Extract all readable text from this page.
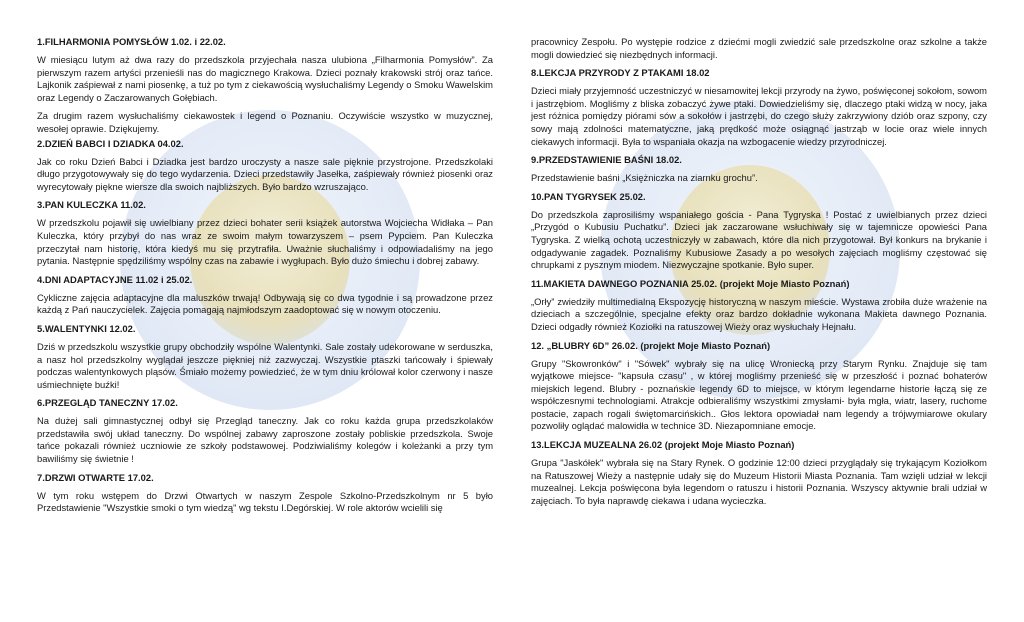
1.FILHARMONIA POMYSŁÓW 1.02. i 22.02.

W miesiącu lutym aż dwa razy do przedszkola przyjechała nasza ulubiona „Filharmonia Pomysłów”. Za pierwszym razem artyści przenieśli nas do magicznego Krakowa. Dzieci poznały krakowski strój oraz tańce. Lajkonik zaśpiewał z nami piosenkę, a tuż po tym z ciekawością wysłuchaliśmy Legendy o Smoku Wawelskim oraz Legendy o Zaczarowanych Gołębiach.

Za drugim razem wysłuchaliśmy ciekawostek i legend o Poznaniu. Oczywiście wszystko w muzycznej, wesołej oprawie. Dziękujemy.

2.DZIEŃ BABCI I DZIADKA 04.02.

Jak co roku Dzień Babci i Dziadka jest bardzo uroczysty a nasze sale pięknie przystrojone. Przedszkolaki długo przygotowywały się do tego wydarzenia. Dzieci przedstawiły Jasełka, zaśpiewały również piosenki oraz wyrecytowały piękne wiersze dla swoich najbliższych. Było bardzo wzruszająco.

3.PAN KULECZKA 11.02.

W przedszkolu pojawił się uwielbiany przez dzieci bohater serii książek autorstwa Wojciecha Widłaka – Pan Kuleczka, który przybył do nas wraz ze swoim małym towarzyszem – psem Pypciem. Pan Kuleczka przeczytał nam historię, która kiedyś mu się przytrafiła. Uważnie słuchaliśmy i odpowiadaliśmy na jego pytania. Następnie spędziliśmy wspólny czas na zabawie i wygłupach. Było dużo śmiechu i dobrej zabawy.

4.DNI ADAPTACYJNE 11.02 i 25.02.

Cykliczne zajęcia adaptacyjne dla maluszków trwają! Odbywają się co dwa tygodnie i są prowadzone przez każdą z Pań nauczycielek. Zajęcia pomagają najmłodszym zaadoptować się w nowym otoczeniu.

5.WALENTYNKI 12.02.

Dziś w przedszkolu wszystkie grupy obchodziły wspólne Walentynki. Sale zostały udekorowane w serduszka, a nasz hol przedszkolny wyglądał jeszcze piękniej niż zazwyczaj. Wszystkie ptaszki tańcowały i śpiewały podczas walentynkowych pląsów. Śmiało możemy powiedzieć, że w tym dniu królował kolor czerwony i nasze uśmiechnięte buźki!

6.PRZEGLĄD TANECZNY 17.02.

Na dużej sali gimnastycznej odbył się Przegląd taneczny. Jak co roku każda grupa przedszkolaków przedstawiła swój układ taneczny. Do wspólnej zabawy zaproszone zostały pobliskie przedszkola. Swoje tańce pokazali również uczniowie ze szkoły podstawowej. Podziwialiśmy kolegów i koleżanki a przy tym bawiliśmy się świetnie !

7.DRZWI OTWARTE 17.02.

W tym roku wstępem do Drzwi Otwartych w naszym Zespole Szkolno-Przedszkolnym nr 5 było Przedstawienie "Wszystkie smoki o tym wiedzą" wg tekstu I.Degórskiej. W role aktorów wcielili się

pracownicy Zespołu. Po występie rodzice z dziećmi mogli zwiedzić sale przedszkolne oraz szkolne a także mogli dowiedzieć się niezbędnych informacji.

8.LEKCJA PRZYRODY Z PTAKAMI 18.02

Dzieci miały przyjemność uczestniczyć w niesamowitej lekcji przyrody na żywo, poświęconej sokołom, sowom i jastrzębiom. Mogliśmy z bliska zobaczyć żywe ptaki. Dowiedzieliśmy się, dlaczego ptaki widzą w nocy, jaka jest różnica pomiędzy piórami sów a sokołów i jastrzębi, do czego służy zakrzywiony dziób oraz szpony, czy sowy mają zdolności matematyczne, jaką prędkość może osiągnąć jastrząb w locie oraz wiele innych ciekawych informacji. Była to wspaniała okazja na wzbogacenie wiedzy przyrodniczej.

9.PRZEDSTAWIENIE BAŚNI 18.02.

Przedstawienie baśni „Księżniczka na ziarnku grochu”.

10.PAN TYGRYSEK 25.02.

Do przedszkola zaprosiliśmy wspaniałego gościa - Pana Tygryska ! Postać z uwielbianych przez dzieci „Przygód o Kubusiu Puchatku”. Dzieci jak zaczarowane wsłuchiwały się w tajemnicze opowieści Pana Tygryska. Z wielką ochotą uczestniczyły w zabawach, które dla nich przygotował. Był konkurs na brykanie i odgadywanie zagadek. Poznaliśmy Kubusiowe Zasady a po wesołych zajęciach mogliśmy częstować się chrupkami z pysznym miodem. Niezwyczajne spotkanie. Było super.

11.MAKIETA DAWNEGO POZNANIA 25.02. (projekt Moje Miasto Poznań)

„Orły” zwiedziły multimedialną Ekspozycję historyczną w naszym mieście. Wystawa zrobiła duże wrażenie na dzieciach a szczególnie, specjalne efekty oraz bardzo dokładnie wykonana Makieta dawnego Poznania. Dzieci odgadły również Koziołki na ratuszowej Wieży oraz wysłuchały Hejnału.

12. „BLUBRY 6D” 26.02. (projekt Moje Miasto Poznań)

Grupy "Skowronków" i "Sówek" wybrały się na ulicę Wroniecką przy Starym Rynku. Znajduje się tam wyjątkowe miejsce- "kapsuła czasu" , w której mogliśmy przenieść się w przeszłość i poznać bohaterów miejskich legend. Blubry - poznańskie legendy 6D to miejsce, w którym legendarne historie łączą się ze współczesnymi technologiami. Atrakcje odbieraliśmy wszystkimi zmysłami- była mgła, wiatr, lasery, ruchome postacie, zapach rogali świętomarcińskich.. Głos lektora opowiadał nam legendy a trójwymiarowe okulary pozwoliły oglądać malowidła w technice 3D. Niezapomniane emocje.

13.LEKCJA MUZEALNA 26.02 (projekt Moje Miasto Poznań)

Grupa "Jaskółek" wybrała się na Stary Rynek. O godzinie 12:00 dzieci przyglądały się trykającym Koziołkom na Ratuszowej Wieży a następnie udały się do Muzeum Historii Miasta Poznania. Tam wzięli udział w lekcji muzealnej. Lekcja poświęcona była legendom o ratuszu i historii Poznania. Wszyscy aktywnie brali udział w zajęciach. To była naprawdę ciekawa i udana wycieczka.
